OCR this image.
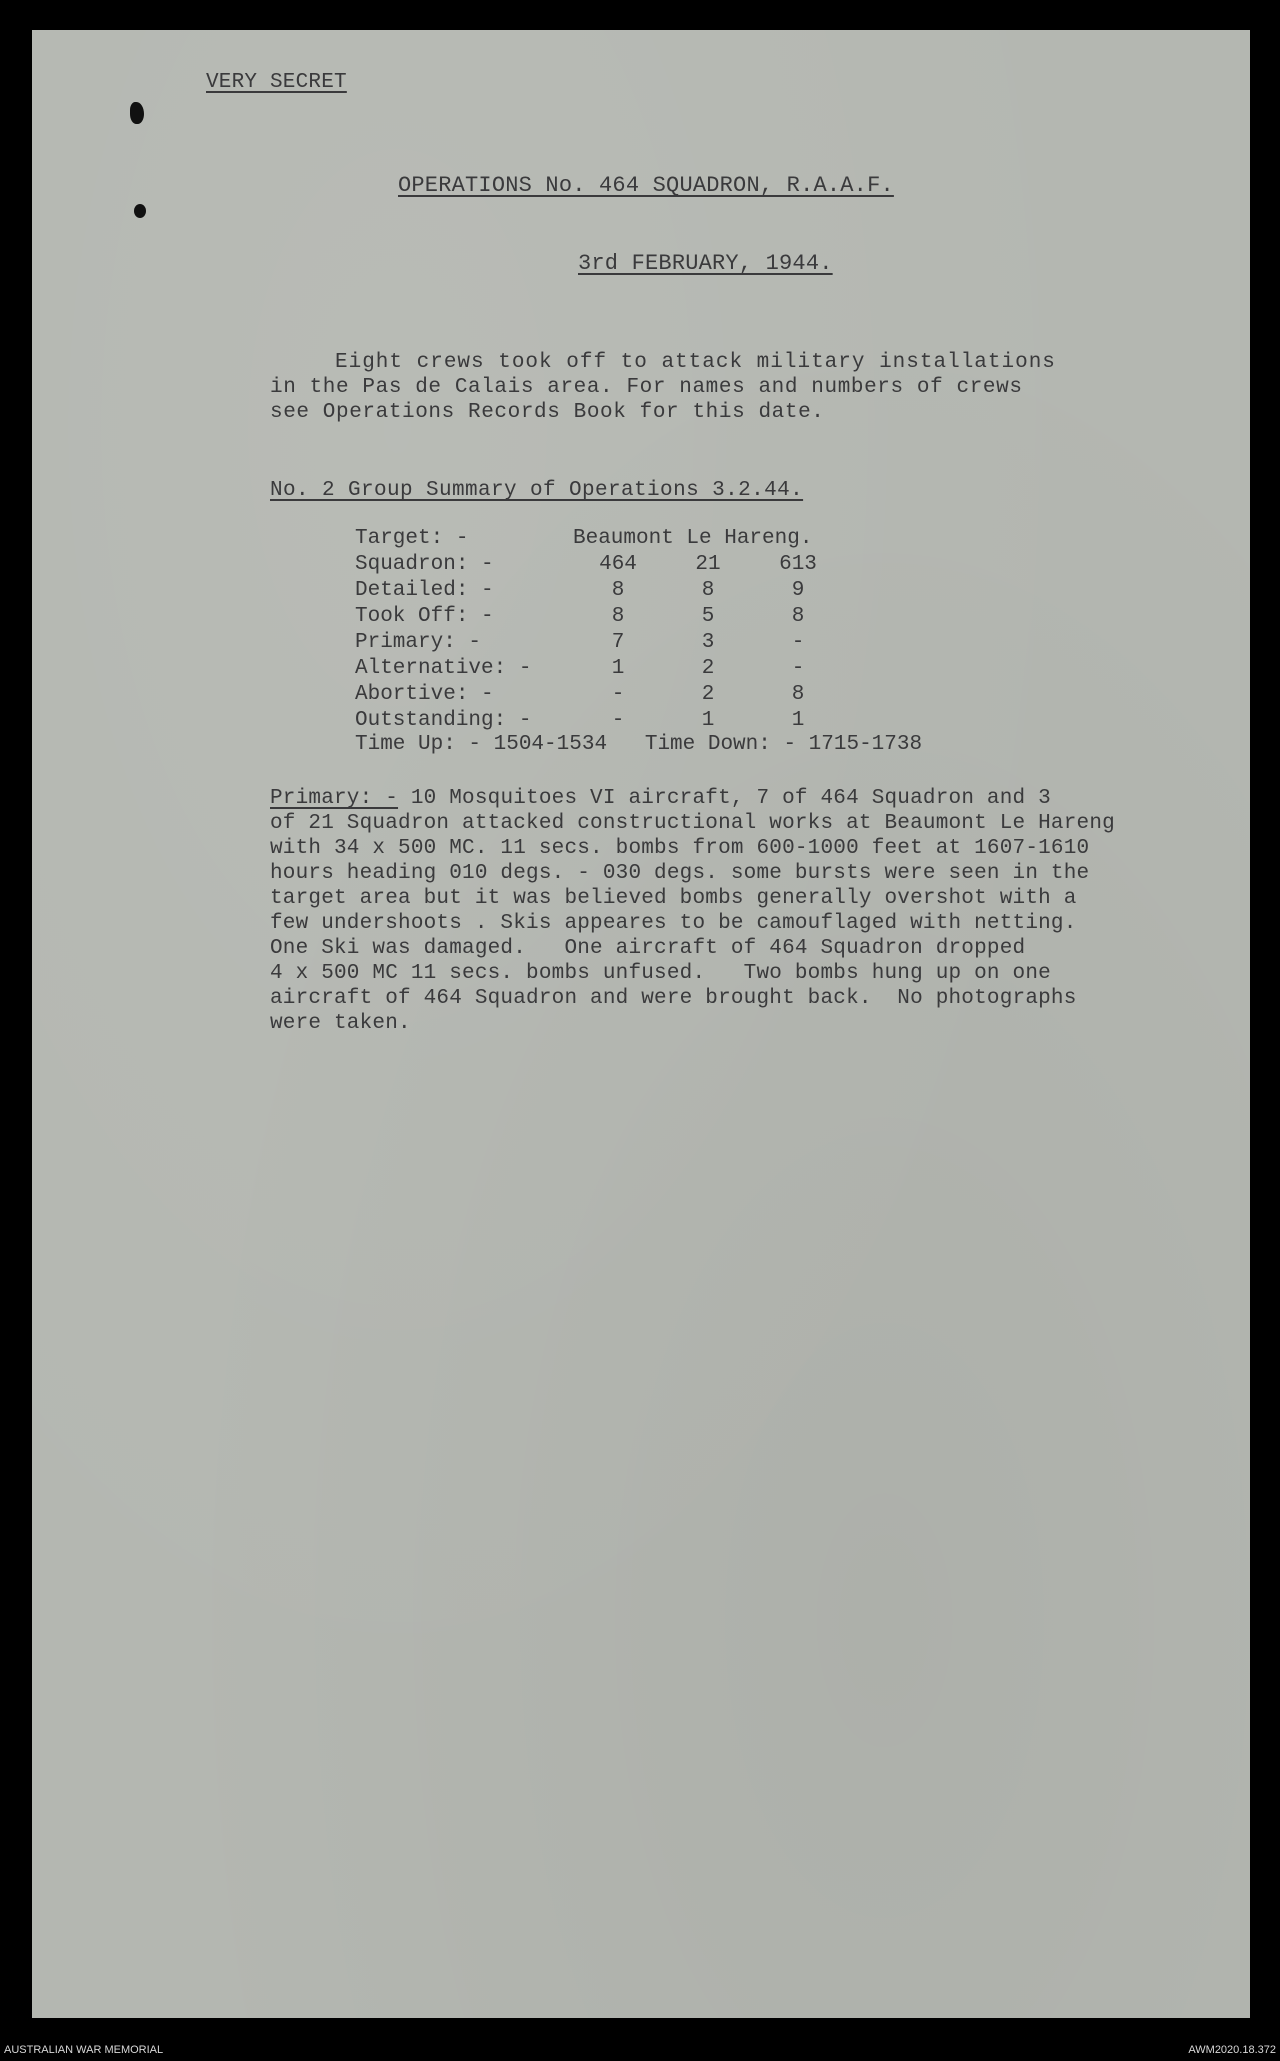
VERY SECRET
OPERATIONS No. 464 SQUADRON, R.A.A.F.
3rd FEBRUARY, 1944.
Eight crews took off to attack military installations
in the Pas de Calais area. For names and numbers of crews
see Operations Records Book for this date.
No. 2 Group Summary of Operations 3.2.44.
Target: -	Beaumont Le Hareng.		
Squadron: -	464	21	613
Detailed: -	8	8	9
Took Off: -	8	5	8
Primary: -	7	3	-
Alternative: -	1	2	-
Abortive: -	-	2	8
Outstanding: -	-	1	1
Time Up: - 1504-1534   Time Down: - 1715-1738
Primary: - 10 Mosquitoes VI aircraft, 7 of 464 Squadron and 3
of 21 Squadron attacked constructional works at Beaumont Le Hareng
with 34 x 500 MC. 11 secs. bombs from 600-1000 feet at 1607-1610
hours heading 010 degs. - 030 degs. some bursts were seen in the
target area but it was believed bombs generally overshot with a
few undershoots . Skis appeares to be camouflaged with netting.
One Ski was damaged.   One aircraft of 464 Squadron dropped
4 x 500 MC 11 secs. bombs unfused.   Two bombs hung up on one
aircraft of 464 Squadron and were brought back.  No photographs
were taken.
AUSTRALIAN WAR MEMORIAL	AWM2020.18.372
